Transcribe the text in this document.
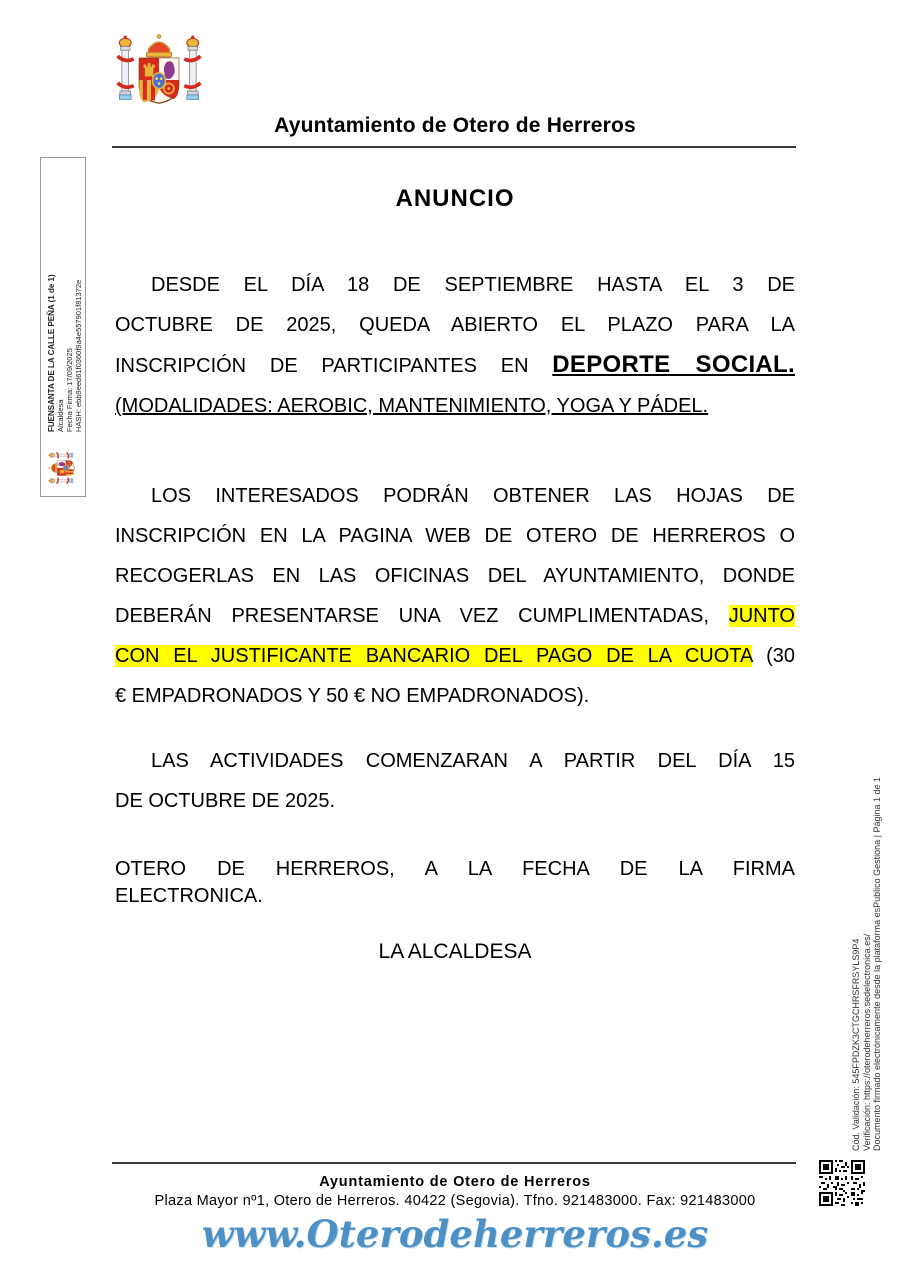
Ayuntamiento de Otero de Herreros
FUENSANTA DE LA CALLE PEÑA (1 de 1) Alcaldesa Fecha Firma: 17/09/2025 HASH: ebb9eed61f0360f9a4e557901f81372e
ANUNCIO
DESDE EL DÍA 18 DE SEPTIEMBRE HASTA EL 3 DE
OCTUBRE DE 2025, QUEDA ABIERTO EL PLAZO PARA LA
INSCRIPCIÓN DE PARTICIPANTES EN DEPORTE SOCIAL.
(MODALIDADES: AEROBIC, MANTENIMIENTO, YOGA Y PÁDEL.
LOS INTERESADOS PODRÁN OBTENER LAS HOJAS DE
INSCRIPCIÓN EN LA PAGINA WEB DE OTERO DE HERREROS O
RECOGERLAS EN LAS OFICINAS DEL AYUNTAMIENTO, DONDE
DEBERÁN PRESENTARSE UNA VEZ CUMPLIMENTADAS, JUNTO
CON EL JUSTIFICANTE BANCARIO DEL PAGO DE LA CUOTA (30
€ EMPADRONADOS Y 50 € NO EMPADRONADOS).
LAS ACTIVIDADES COMENZARAN A PARTIR DEL DÍA 15
DE OCTUBRE DE 2025.
OTERO DE HERREROS, A LA FECHA DE LA FIRMA
ELECTRONICA.
LA ALCALDESA	Cód. Validación: 545FPDZK3CTGCHRSFRSYLS9P4 Verificación: https://oterodeherreros.sedelectronica.es/ Documento firmado electrónicamente desde la plataforma esPublico Gestiona | Página 1 de 1
Ayuntamiento de Otero de Herreros
Plaza Mayor nº1, Otero de Herreros. 40422 (Segovia). Tfno. 921483000. Fax: 921483000
www.Oterodeherreros.es
